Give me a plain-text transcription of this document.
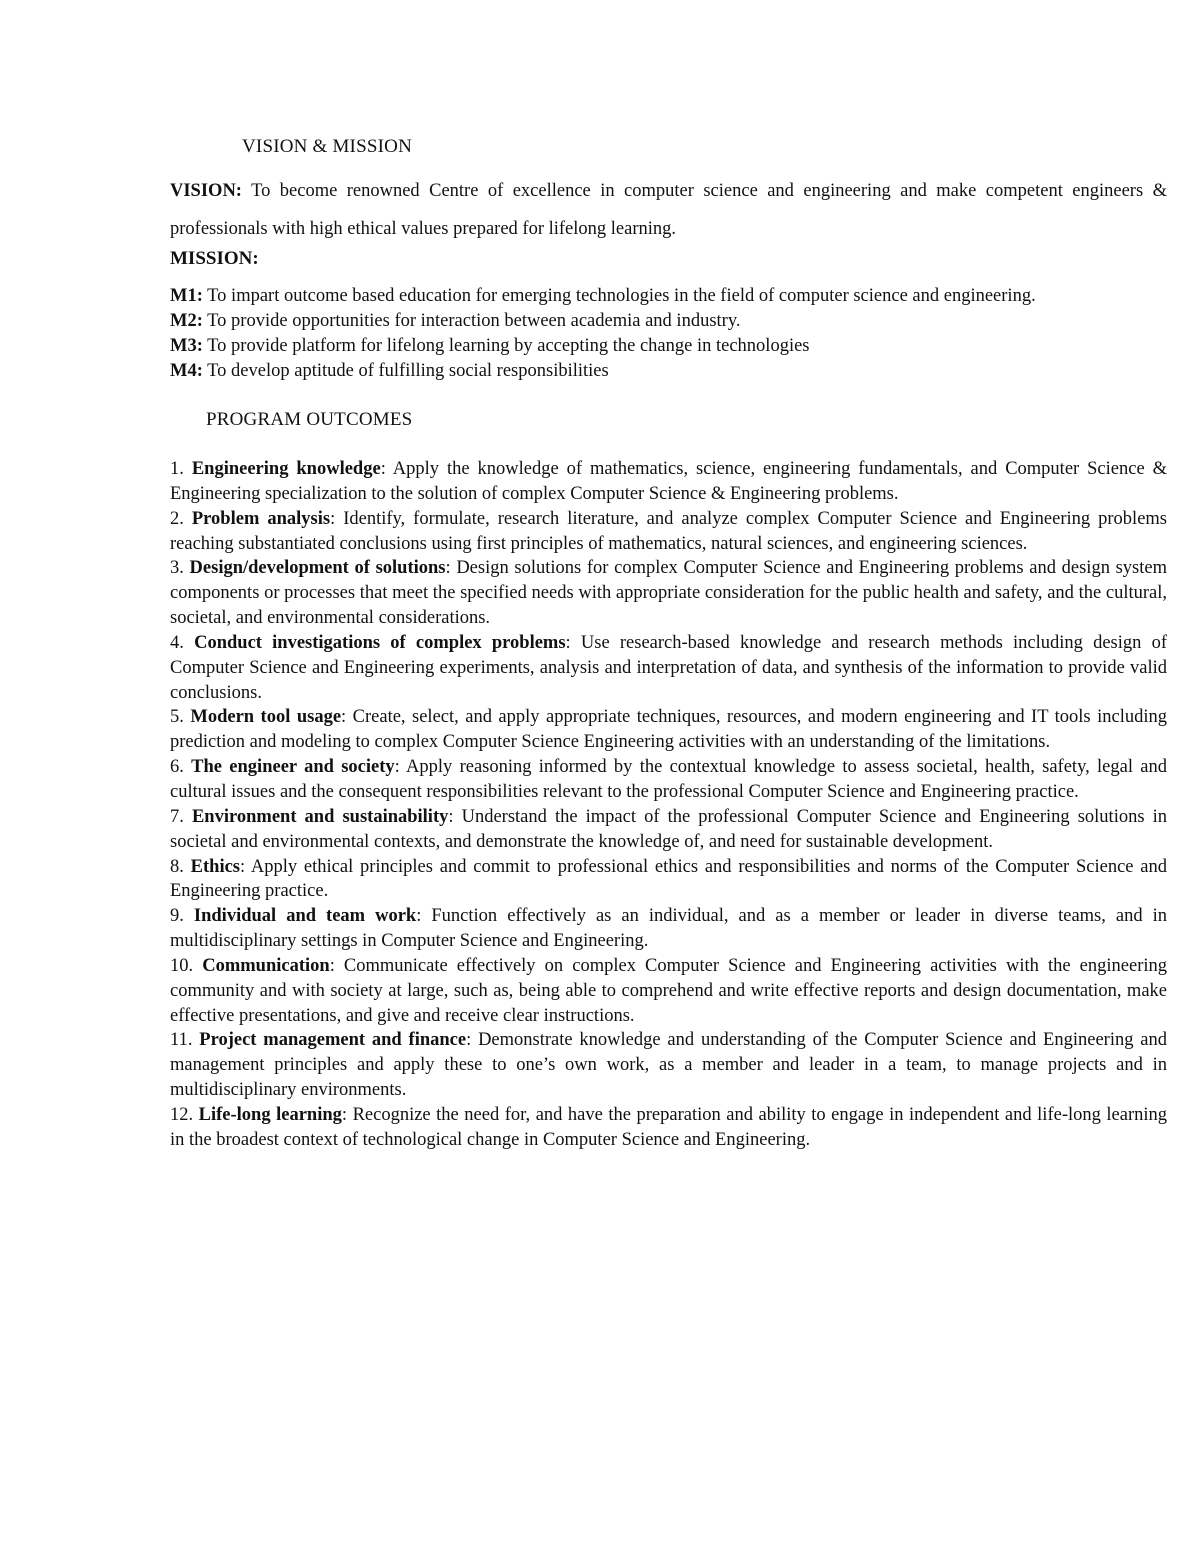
VISION & MISSION
VISION: To become renowned Centre of excellence in computer science and engineering and make competent engineers & professionals with high ethical values prepared for lifelong learning.
MISSION:
M1: To impart outcome based education for emerging technologies in the field of computer science and engineering.
M2: To provide opportunities for interaction between academia and industry.
M3: To provide platform for lifelong learning by accepting the change in technologies
M4: To develop aptitude of fulfilling social responsibilities
PROGRAM OUTCOMES

1. Engineering knowledge: Apply the knowledge of mathematics, science, engineering fundamentals, and Computer Science & Engineering specialization to the solution of complex Computer Science & Engineering problems.

2. Problem analysis: Identify, formulate, research literature, and analyze complex Computer Science and Engineering problems reaching substantiated conclusions using first principles of mathematics, natural sciences, and engineering sciences.

3. Design/development of solutions: Design solutions for complex Computer Science and Engineering problems and design system components or processes that meet the specified needs with appropriate consideration for the public health and safety, and the cultural, societal, and environmental considerations.

4. Conduct investigations of complex problems: Use research-based knowledge and research methods including design of Computer Science and Engineering experiments, analysis and interpretation of data, and synthesis of the information to provide valid conclusions.

5. Modern tool usage: Create, select, and apply appropriate techniques, resources, and modern engineering and IT tools including prediction and modeling to complex Computer Science Engineering activities with an understanding of the limitations.

6. The engineer and society: Apply reasoning informed by the contextual knowledge to assess societal, health, safety, legal and cultural issues and the consequent responsibilities relevant to the professional Computer Science and Engineering practice.

7. Environment and sustainability: Understand the impact of the professional Computer Science and Engineering solutions in societal and environmental contexts, and demonstrate the knowledge of, and need for sustainable development.

8. Ethics: Apply ethical principles and commit to professional ethics and responsibilities and norms of the Computer Science and Engineering practice.

9. Individual and team work: Function effectively as an individual, and as a member or leader in diverse teams, and in multidisciplinary settings in Computer Science and Engineering.

10. Communication: Communicate effectively on complex Computer Science and Engineering activities with the engineering community and with society at large, such as, being able to comprehend and write effective reports and design documentation, make effective presentations, and give and receive clear instructions.

11. Project management and finance: Demonstrate knowledge and understanding of the Computer Science and Engineering and management principles and apply these to one’s own work, as a member and leader in a team, to manage projects and in multidisciplinary environments.

12. Life-long learning: Recognize the need for, and have the preparation and ability to engage in independent and life-long learning in the broadest context of technological change in Computer Science and Engineering.
